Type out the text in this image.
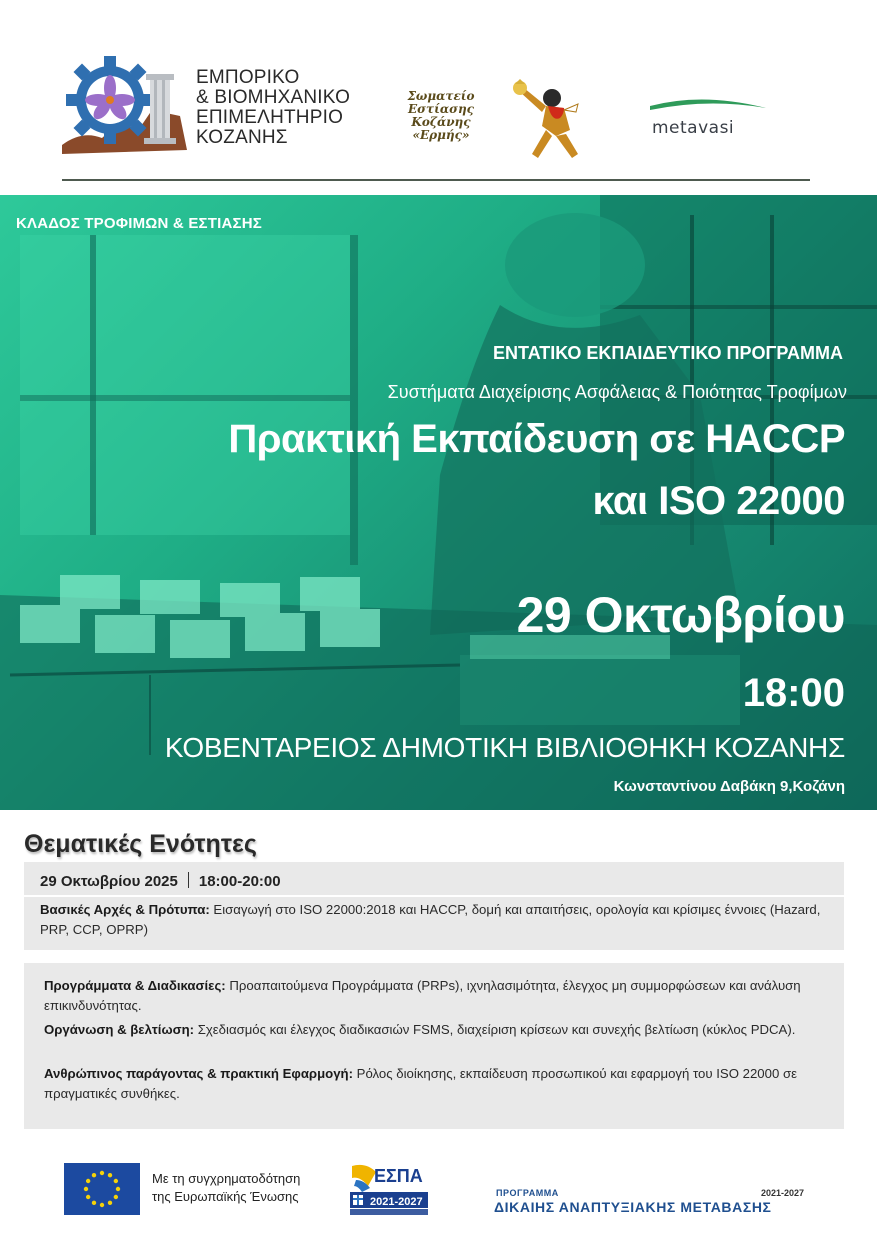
ΕΜΠΟΡΙΚΟ
& ΒΙΟΜΗΧΑΝΙΚΟ
ΕΠΙΜΕΛΗΤΗΡΙΟ
ΚΟΖΑΝΗΣ
Σωματείο
Εστίασης
Κοζάνης
«Ερμής»	metavasi
ΚΛΑΔΟΣ ΤΡΟΦΙΜΩΝ & ΕΣΤΙΑΣΗΣ
ΕΝΤΑΤΙΚΟ ΕΚΠΑΙΔΕΥΤΙΚΟ ΠΡΟΓΡΑΜΜΑ
Συστήματα Διαχείρισης Ασφάλειας & Ποιότητας Τροφίμων
Πρακτική Εκπαίδευση σε HACCP
και ISO 22000
29 Οκτωβρίου
18:00
ΚΟΒΕΝΤΑΡΕΙΟΣ ΔΗΜΟΤΙΚΗ ΒΙΒΛΙΟΘΗΚΗ ΚΟΖΑΝΗΣ
Κωνσταντίνου Δαβάκη 9,Κοζάνη
Θεματικές Ενότητες
29 Οκτωβρίου 2025 18:00-20:00
Βασικές Αρχές & Πρότυπα: Εισαγωγή στο ISO 22000:2018 και HACCP, δομή και απαιτήσεις, ορολογία και κρίσιμες έννοιες (Hazard, PRP, CCP, OPRP)
Προγράμματα & Διαδικασίες: Προαπαιτούμενα Προγράμματα (PRPs), ιχνηλασιμότητα, έλεγχος μη συμμορφώσεων και ανάλυση επικινδυνότητας.
Οργάνωση & βελτίωση: Σχεδιασμός και έλεγχος διαδικασιών FSMS, διαχείριση κρίσεων και συνεχής βελτίωση (κύκλος PDCA).
Ανθρώπινος παράγοντας & πρακτική Εφαρμογή: Ρόλος διοίκησης, εκπαίδευση προσωπικού και εφαρμογή του ISO 22000 σε πραγματικές συνθήκες.
Με τη συγχρηματοδότηση
της Ευρωπαϊκής Ένωσης
ΕΣΠΑ
2021-2027
ΠΡΟΓΡΑΜΜΑ	2021-2027
ΔΙΚΑΙΗΣ ΑΝΑΠΤΥΞΙΑΚΗΣ ΜΕΤΑΒΑΣΗΣ
